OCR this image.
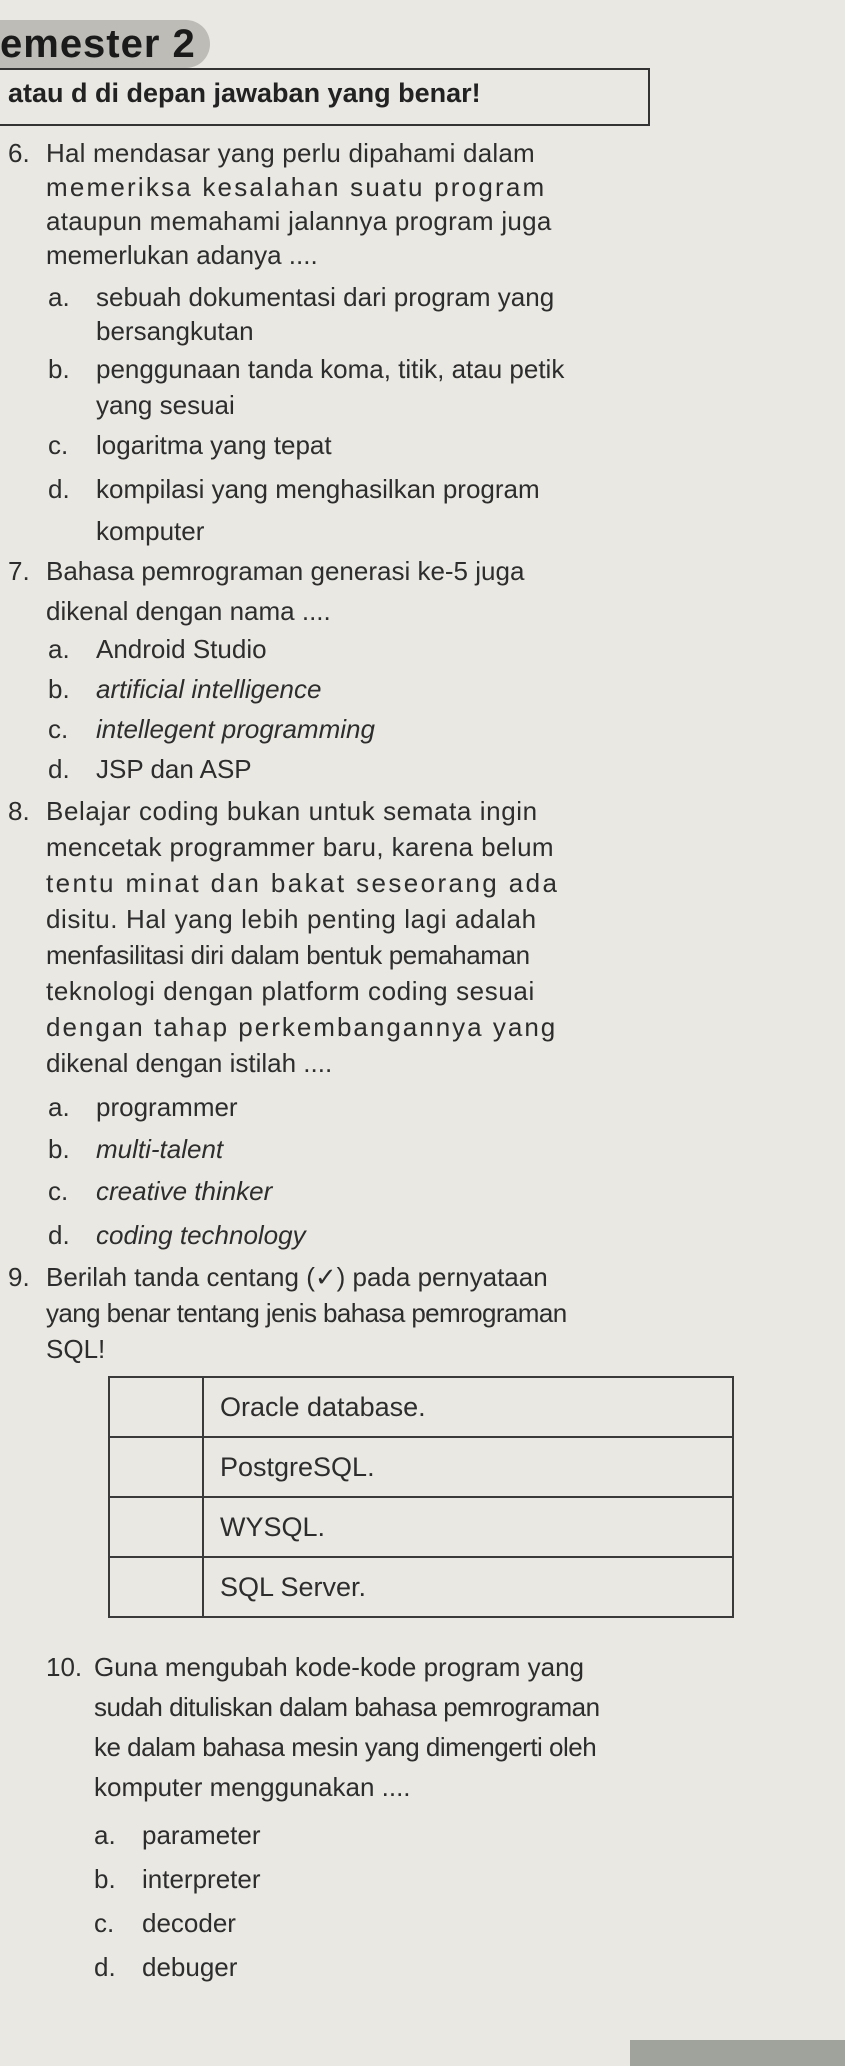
emester 2
atau d di depan jawaban yang benar!
6. Hal mendasar yang perlu dipahami dalam
memeriksa kesalahan suatu program
ataupun memahami jalannya program juga
memerlukan adanya ....
a. sebuah dokumentasi dari program yang
bersangkutan
b. penggunaan tanda koma, titik, atau petik
yang sesuai
c. logaritma yang tepat
d. kompilasi yang menghasilkan program
komputer
7. Bahasa pemrograman generasi ke-5 juga
dikenal dengan nama ....
a. Android Studio
b. artificial intelligence
c. intellegent programming
d. JSP dan ASP
8. Belajar coding bukan untuk semata ingin
mencetak programmer baru, karena belum
tentu minat dan bakat seseorang ada
disitu. Hal yang lebih penting lagi adalah
menfasilitasi diri dalam bentuk pemahaman
teknologi dengan platform coding sesuai
dengan tahap perkembangannya yang
dikenal dengan istilah ....
a. programmer
b. multi-talent
c. creative thinker
d. coding technology
9. Berilah tanda centang (✓) pada pernyataan
yang benar tentang jenis bahasa pemrograman
SQL!
	Oracle database.
	PostgreSQL.
	WYSQL.
	SQL Server.
10. Guna mengubah kode-kode program yang
sudah dituliskan dalam bahasa pemrograman
ke dalam bahasa mesin yang dimengerti oleh
komputer menggunakan ....
a. parameter
b. interpreter
c. decoder
d. debuger
